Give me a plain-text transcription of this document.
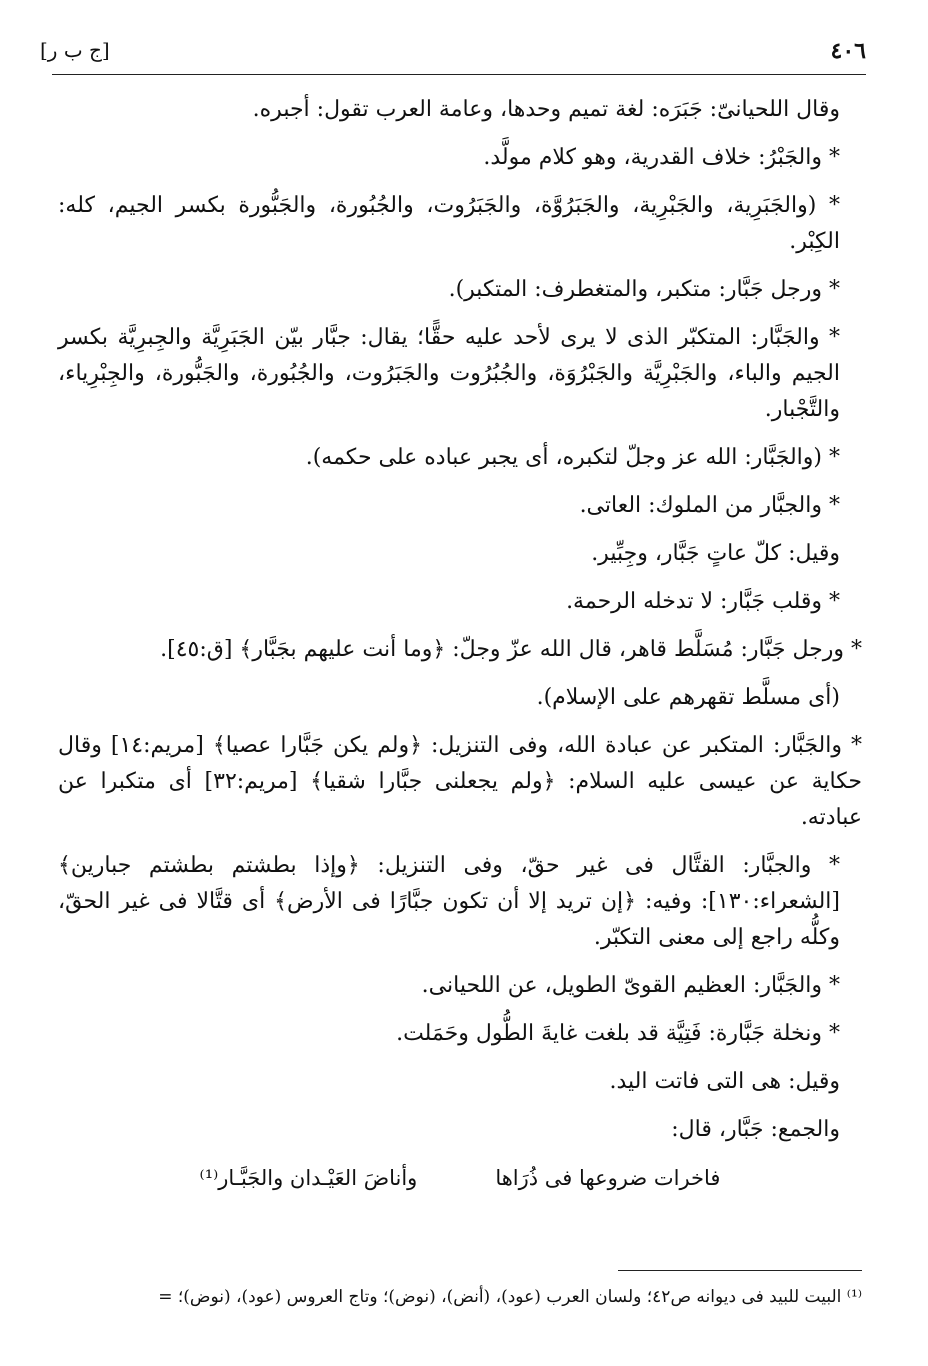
٤٠٦
[ج ب ر]

وقال اللحيانىّ: جَبَرَه: لغة تميم وحدها، وعامة العرب تقول: أجبره.

* والجَبْرُ: خلاف القدرية، وهو كلام مولَّد.

* (والجَبَرِية، والجَبْرِية، والجَبَرُوَّة، والجَبَرُوت، والجُبُورة، والجَبُّورة بكسر الجيم، كله: الكِبْر.

* ورجل جَبَّار: متكبر، والمتغطرف: المتكبر).

* والجَبَّار: المتكبّر الذى لا يرى لأحد عليه حقًّا؛ يقال: جبَّار بيّن الجَبَرِيَّة والجِبرِيَّة بكسر الجيم والباء، والجَبْرِيَّة والجَبْرُوَة، والجُبُرُوت والجَبَرُوت، والجُبُورة، والجَبُّورة، والجِبْرِياء، والتَّجْبار.

* (والجَبَّار: الله عز وجلّ لتكبره، أى يجبر عباده على حكمه).

* والجبَّار من الملوك: العاتى.

وقيل: كلّ عاتٍ جَبَّار، وجِبِّير.

* وقلب جَبَّار: لا تدخله الرحمة.

* ورجل جَبَّار: مُسَلَّط قاهر، قال الله عزّ وجلّ: ﴿وما أنت عليهم بجَبَّار﴾ [ق:٤٥].

(أى مسلَّط تقهرهم على الإسلام).

* والجَبَّار: المتكبر عن عبادة الله، وفى التنزيل: ﴿ولم يكن جَبَّارا عصيا﴾ [مريم:١٤] وقال حكاية عن عيسى عليه السلام: ﴿ولم يجعلنى جبَّارا شقيا﴾ [مريم:٣٢] أى متكبرا عن عبادته.

* والجبَّار: القتَّال فى غير حقّ، وفى التنزيل: ﴿وإذا بطشتم بطشتم جبارين﴾ [الشعراء:١٣٠]: وفيه: ﴿إن تريد إلا أن تكون جبَّارًا فى الأرض﴾ أى قتَّالا فى غير الحقّ، وكلُّه راجع إلى معنى التكبّر.

* والجَبَّار: العظيم القوىّ الطويل، عن اللحيانى.

* ونخلة جَبَّارة: فَتِيَّة قد بلغت غايةَ الطُّول وحَمَلت.

وقيل: هى التى فاتت اليد.

والجمع: جَبَّار، قال:

فاخرات ضروعها فى ذُرَاها
وأناضَ العَيْـدان والجَبَّـار⁽¹⁾
⁽¹⁾ البيت للبيد فى ديوانه ص٤٢؛ ولسان العرب (عود)، (أنض)، (نوض)؛ وتاج العروس (عود)، (نوض)؛ =
